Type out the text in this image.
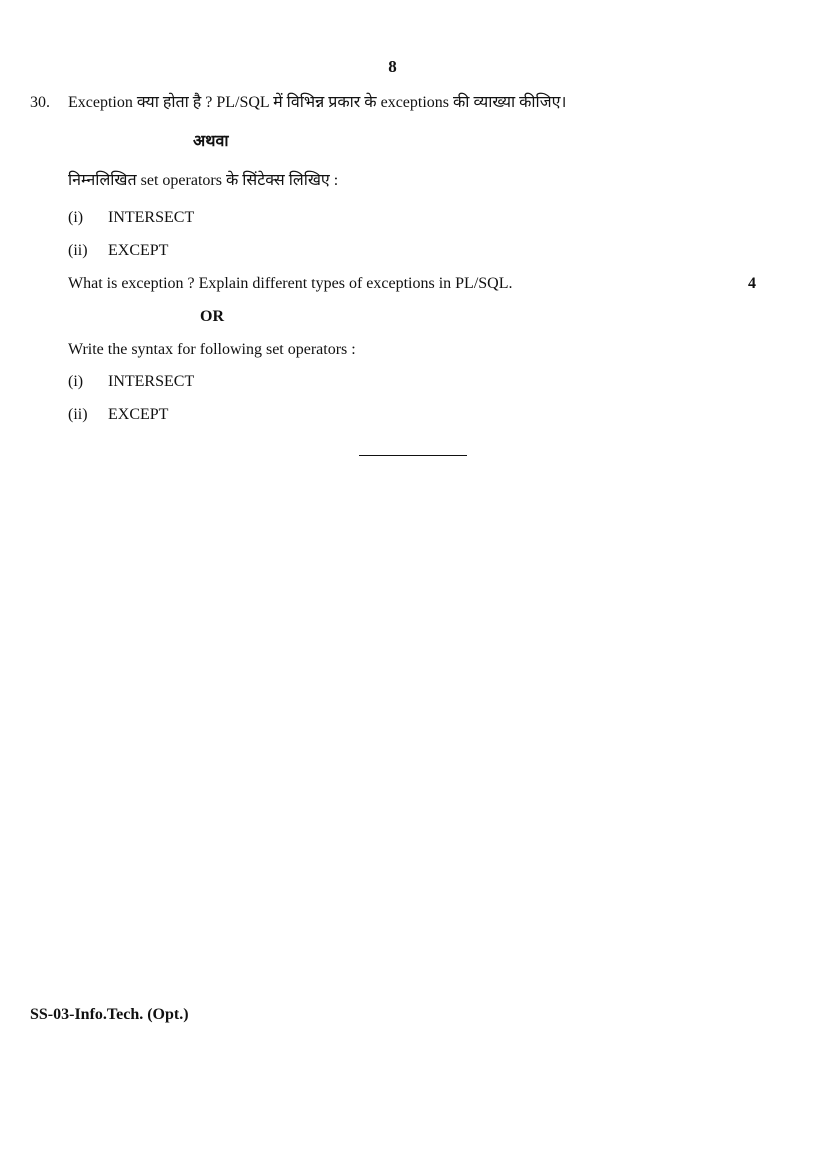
8
30. Exception क्या होता है ? PL/SQL में विभिन्न प्रकार के exceptions की व्याख्या कीजिए।
अथवा
निम्नलिखित set operators के सिंटेक्स लिखिए :
(i) INTERSECT
(ii) EXCEPT
What is exception ? Explain different types of exceptions in PL/SQL.	4
OR
Write the syntax for following set operators :
(i) INTERSECT
(ii) EXCEPT
SS-03-Info.Tech. (Opt.)
